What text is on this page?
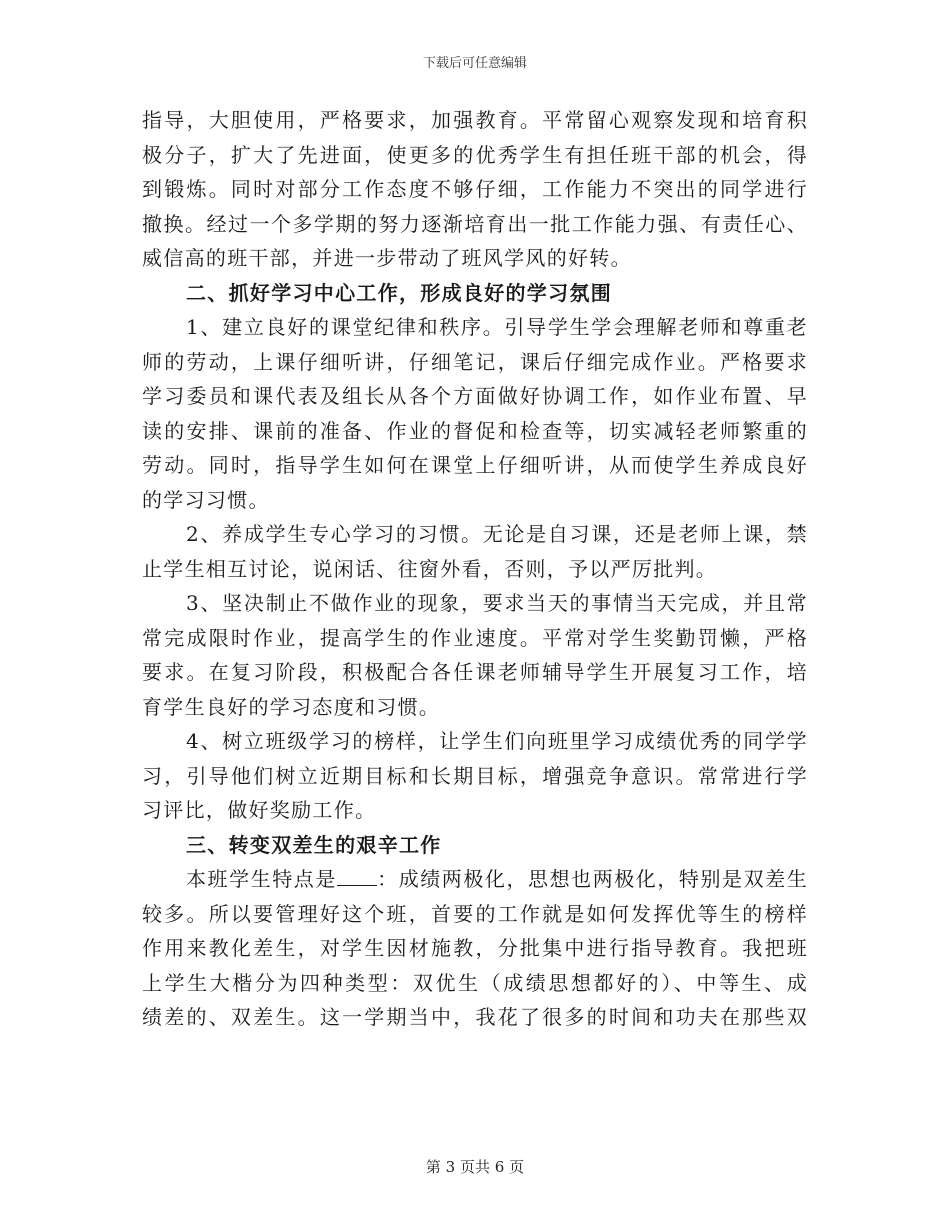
下载后可任意编辑
指导，大胆使用，严格要求，加强教育。平常留心观察发现和培育积
极分子，扩大了先进面，使更多的优秀学生有担任班干部的机会，得
到锻炼。同时对部分工作态度不够仔细，工作能力不突出的同学进行
撤换。经过一个多学期的努力逐渐培育出一批工作能力强、有责任心、
威信高的班干部，并进一步带动了班风学风的好转。
二、抓好学习中心工作，形成良好的学习氛围
1、建立良好的课堂纪律和秩序。引导学生学会理解老师和尊重老
师的劳动，上课仔细听讲，仔细笔记，课后仔细完成作业。严格要求
学习委员和课代表及组长从各个方面做好协调工作，如作业布置、早
读的安排、课前的准备、作业的督促和检查等，切实减轻老师繁重的
劳动。同时，指导学生如何在课堂上仔细听讲，从而使学生养成良好
的学习习惯。
2、养成学生专心学习的习惯。无论是自习课，还是老师上课，禁
止学生相互讨论，说闲话、往窗外看，否则，予以严厉批判。
3、坚决制止不做作业的现象，要求当天的事情当天完成，并且常
常完成限时作业，提高学生的作业速度。平常对学生奖勤罚懒，严格
要求。在复习阶段，积极配合各任课老师辅导学生开展复习工作，培
育学生良好的学习态度和习惯。
4、树立班级学习的榜样，让学生们向班里学习成绩优秀的同学学
习，引导他们树立近期目标和长期目标，增强竞争意识。常常进行学
习评比，做好奖励工作。
三、转变双差生的艰辛工作
本班学生特点是 ：成绩两极化，思想也两极化，特别是双差生
较多。所以要管理好这个班，首要的工作就是如何发挥优等生的榜样
作用来教化差生，对学生因材施教，分批集中进行指导教育。我把班
上学生大楷分为四种类型：双优生（成绩思想都好的）、中等生、成
绩差的、双差生。这一学期当中，我花了很多的时间和功夫在那些双
第 3 页共 6 页
